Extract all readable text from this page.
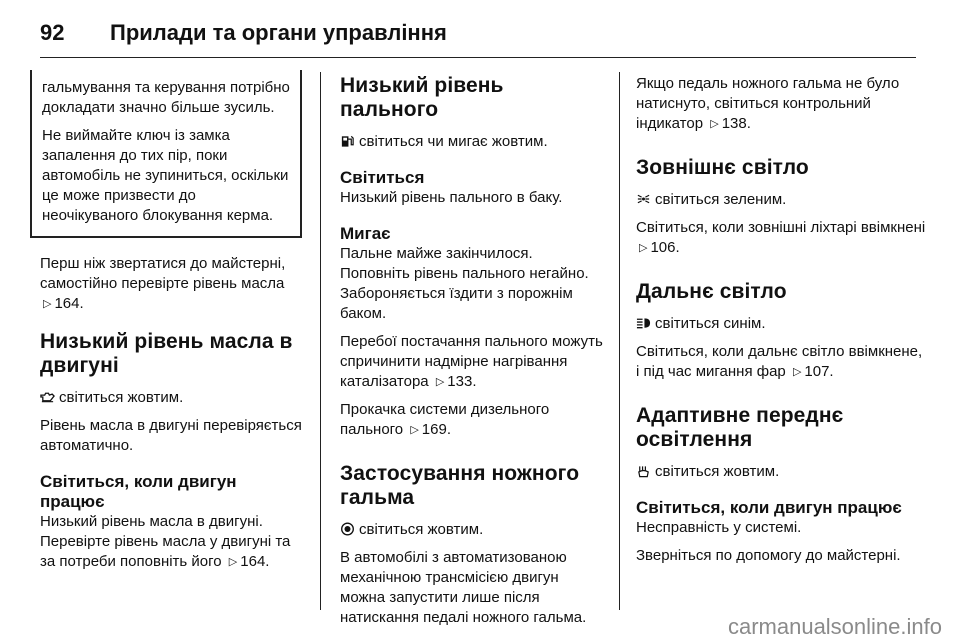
92	Прилади та органи управління

гальмування та керування потрібно докладати значно більше зусиль.

Не виймайте ключ із замка запалення до тих пір, поки автомобіль не зупиниться, оскільки це може призвести до неочікуваного блокування керма.

Перш ніж звертатися до майстерні, самостійно перевірте рівень масла ▷ 164.

Низький рівень масла в двигуні

світиться жовтим.

Рівень масла в двигуні перевіряється автоматично.

Світиться, коли двигун працює

Низький рівень масла в двигуні. Перевірте рівень масла у двигуні та за потреби поповніть його ▷ 164.

Низький рівень пального

світиться чи мигає жовтим.

Світиться

Низький рівень пального в баку.

Мигає

Пальне майже закінчилося. Поповніть рівень пального негайно. Забороняється їздити з порожнім баком.

Перебої постачання пального можуть спричинити надмірне нагрівання каталізатора ▷ 133.

Прокачка системи дизельного пального ▷ 169.

Застосування ножного гальма

світиться жовтим.

В автомобілі з автоматизованою механічною трансмісією двигун можна запустити лише після натискання педалі ножного гальма.

Якщо педаль ножного гальма не було натиснуто, світиться контрольний індикатор ▷ 138.

Зовнішнє світло

світиться зеленим.

Світиться, коли зовнішні ліхтарі ввімкнені ▷ 106.

Дальнє світло

світиться синім.

Світиться, коли дальнє світло ввімкнене, і під час мигання фар ▷ 107.

Адаптивне переднє освітлення

світиться жовтим.

Світиться, коли двигун працює

Несправність у системі.

Зверніться по допомогу до майстерні.

carmanualsonline.info
